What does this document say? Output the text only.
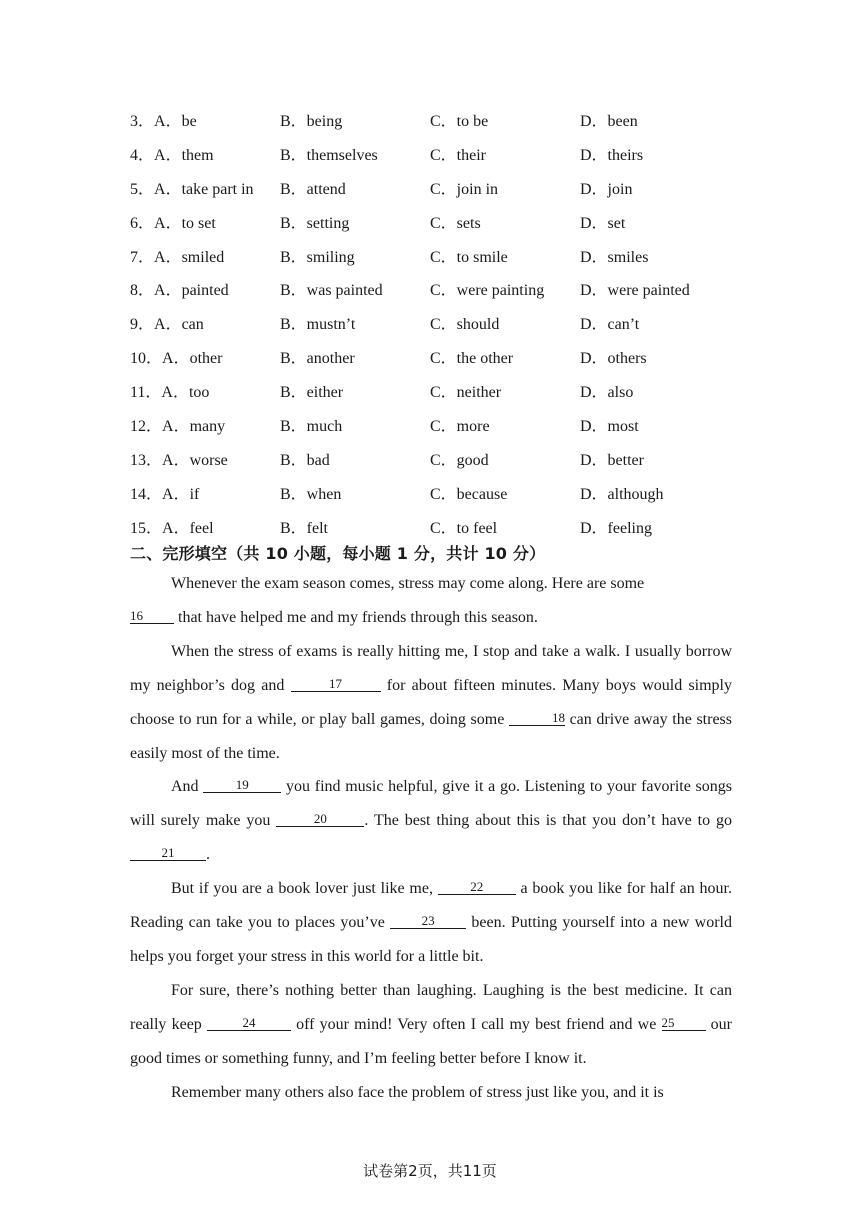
3．A．be	B．being	C．to be	D．been
4．A．them	B．themselves	C．their	D．theirs
5．A．take part in B．attend	C．join in	D．join
6．A．to set	B．setting	C．sets	D．set
7．A．smiled	B．smiling	C．to smile	D．smiles
8．A．painted	B．was painted	C．were painting D．were painted
9．A．can	B．mustn’t	C．should	D．can’t
10．A．other	B．another	C．the other	D．others
11．A．too	B．either	C．neither	D．also
12．A．many	B．much	C．more	D．most
13．A．worse	B．bad	C．good	D．better
14．A．if	B．when	C．because	D．although
15．A．feel	B．felt	C．to feel	D．feeling
二、完形填空（共 10 小题，每小题 1 分，共计 10 分）

Whenever the exam season comes, stress may come along. Here are some
16 that have helped me and my friends through this season.

When the stress of exams is really hitting me, I stop and take a walk. I usually borrow my neighbor’s dog and	17 for about fifteen minutes. Many boys would simply choose to run for a while, or play ball games, doing some	18 can drive away the stress easily most of the time.

And	19 you find music helpful, give it a go. Listening to your favorite songs will surely make you	20 . The best thing about this is that you don’t have to go 21 .

But if you are a book lover just like me,	22 a book you like for half an hour. Reading can take you to places you’ve 23 been. Putting yourself into a new world helps you forget your stress in this world for a little bit.

For sure, there’s nothing better than laughing. Laughing is the best medicine. It can really keep	24 off your mind! Very often I call my best friend and we 25 our good times or something funny, and I’m feeling better before I know it.

Remember many others also face the problem of stress just like you, and it is

试卷第2页，共11页
